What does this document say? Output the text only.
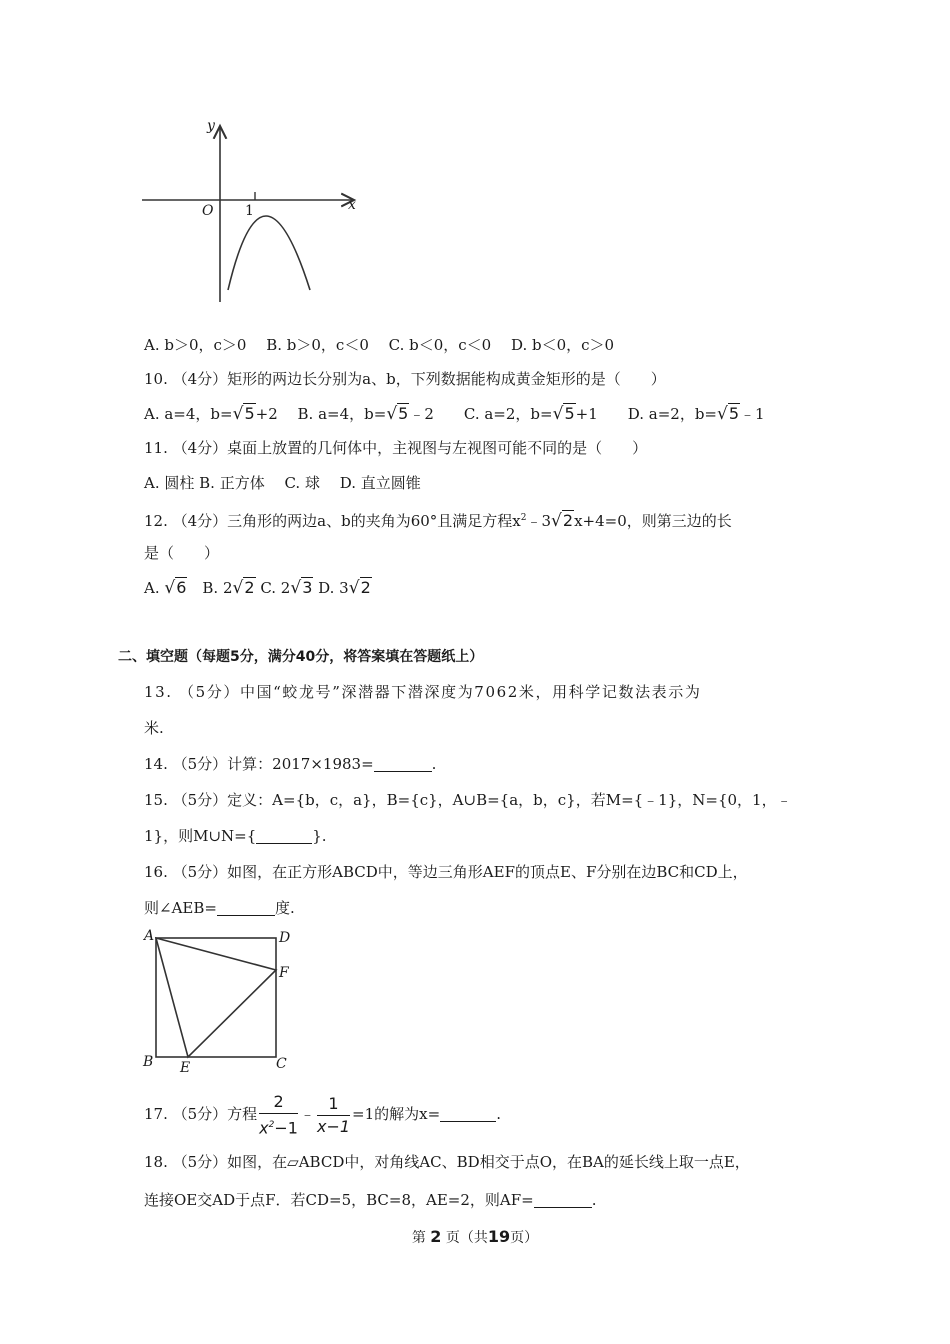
y
x
O 1
A. b＞0，c＞0　 B. b＞0，c＜0　 C. b＜0，c＜0　 D. b＜0，c＞0
10. （4分）矩形的两边长分别为a、b，下列数据能构成黄金矩形的是（　　）
A. a=4，b=√5+2　 B. a=4，b=√5﹣2　　C. a=2，b=√5+1　　D. a=2，b=√5﹣1
11. （4分）桌面上放置的几何体中，主视图与左视图可能不同的是（　　）
A. 圆柱 B. 正方体　 C. 球　 D. 直立圆锥
12. （4分）三角形的两边a、b的夹角为60°且满足方程$x^2﹣3√2x+4=0$，则第三边的长
是（　　）
A. √6　B. 2√2 C. 2√3 D. 3√2
二、填空题（每题5分，满分40分，将答案填在答题纸上）
13. （5分）中国“蛟龙号”深潜器下潜深度为7062米，用科学记数法表示为
米.
14. （5分）计算：2017×1983=	.
15. （5分）定义：A={b，c，a}，B={c}，A∪B={a，b，c}，若M={﹣1}，N={0，1，﹣
1}，则M∪N={	}.
16. （5分）如图，在正方形ABCD中，等边三角形AEF的顶点E、F分别在边BC和CD上，
则∠AEB=	度.
A	D
F
B E	C
17. （5分）方程 $\frac{2}{x^2-1}$ ﹣ $\frac{1}{x-1} =1$的解为x=	.
18. （5分）如图，在▱ABCD中，对角线AC、BD相交于点O，在BA的延长线上取一点E，
连接OE交AD于点F．若CD=5，BC=8，AE=2，则AF=	.
第 2 页（共19页）
